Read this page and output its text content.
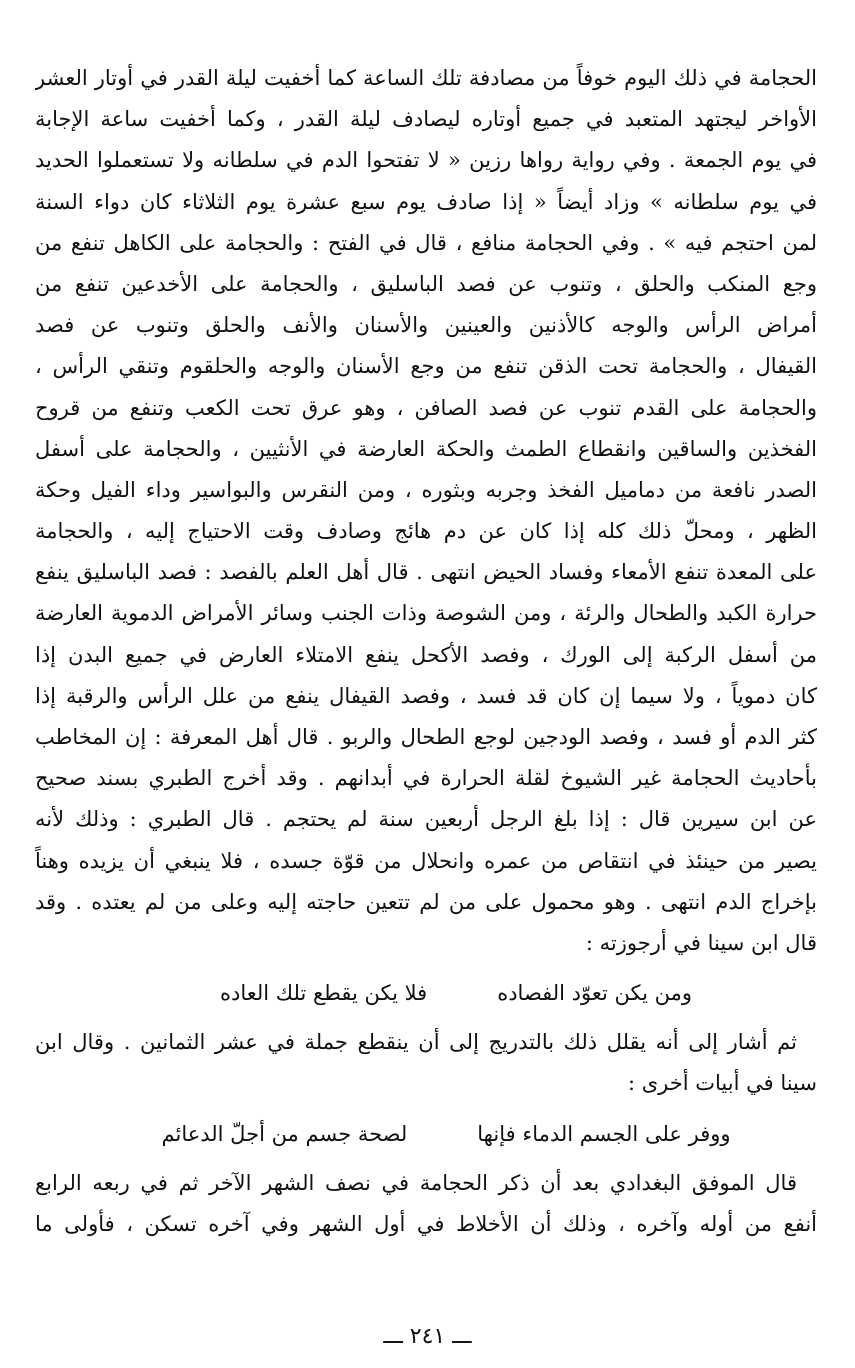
الحجامة في ذلك اليوم خوفاً من مصادفة تلك الساعة كما أخفيت ليلة القدر في أوتار العشر
الأواخر ليجتهد المتعبد في جميع أوتاره ليصادف ليلة القدر ، وكما أخفيت ساعة الإجابة
في يوم الجمعة . وفي رواية رواها رزين « لا تفتحوا الدم في سلطانه ولا تستعملوا الحديد
في يوم سلطانه » وزاد أيضاً « إذا صادف يوم سبع عشرة يوم الثلاثاء كان دواء السنة
لمن احتجم فيه » . وفي الحجامة منافع ، قال في الفتح : والحجامة على الكاهل تنفع من
وجع المنكب والحلق ، وتنوب عن فصد الباسليق ، والحجامة على الأخدعين تنفع من
أمراض الرأس والوجه كالأذنين والعينين والأسنان والأنف والحلق وتنوب عن فصد
القيفال ، والحجامة تحت الذقن تنفع من وجع الأسنان والوجه والحلقوم وتنقي الرأس ،
والحجامة على القدم تنوب عن فصد الصافن ، وهو عرق تحت الكعب وتنفع من قروح
الفخذين والساقين وانقطاع الطمث والحكة العارضة في الأنثيين ، والحجامة على أسفل
الصدر نافعة من دماميل الفخذ وجربه وبثوره ، ومن النقرس والبواسير وداء الفيل وحكة
الظهر ، ومحلّ ذلك كله إذا كان عن دم هائج وصادف وقت الاحتياج إليه ، والحجامة
على المعدة تنفع الأمعاء وفساد الحيض انتهى . قال أهل العلم بالفصد : فصد الباسليق ينفع
حرارة الكبد والطحال والرئة ، ومن الشوصة وذات الجنب وسائر الأمراض الدموية العارضة
من أسفل الركبة إلى الورك ، وفصد الأكحل ينفع الامتلاء العارض في جميع البدن إذا
كان دموياً ، ولا سيما إن كان قد فسد ، وفصد القيفال ينفع من علل الرأس والرقبة إذا
كثر الدم أو فسد ، وفصد الودجين لوجع الطحال والربو . قال أهل المعرفة : إن المخاطب
بأحاديث الحجامة غير الشيوخ لقلة الحرارة في أبدانهم . وقد أخرج الطبري بسند صحيح
عن ابن سيرين قال : إذا بلغ الرجل أربعين سنة لم يحتجم . قال الطبري : وذلك لأنه
يصير من حينئذ في انتقاص من عمره وانحلال من قوّة جسده ، فلا ينبغي أن يزيده وهناً
بإخراج الدم انتهى . وهو محمول على من لم تتعين حاجته إليه وعلى من لم يعتده . وقد
قال ابن سينا في أرجوزته :
ومن يكن تعوّد الفصاده
فلا يكن يقطع تلك العاده
ثم أشار إلى أنه يقلل ذلك بالتدريج إلى أن ينقطع جملة في عشر الثمانين . وقال ابن
سينا في أبيات أخرى :
ووفر على الجسم الدماء فإنها
لصحة جسم من أجلّ الدعائم
قال الموفق البغدادي بعد أن ذكر الحجامة في نصف الشهر الآخر ثم في ربعه الرابع
أنفع من أوله وآخره ، وذلك أن الأخلاط في أول الشهر وفي آخره تسكن ، فأولى ما
ـــ ٢٤١ ـــ
